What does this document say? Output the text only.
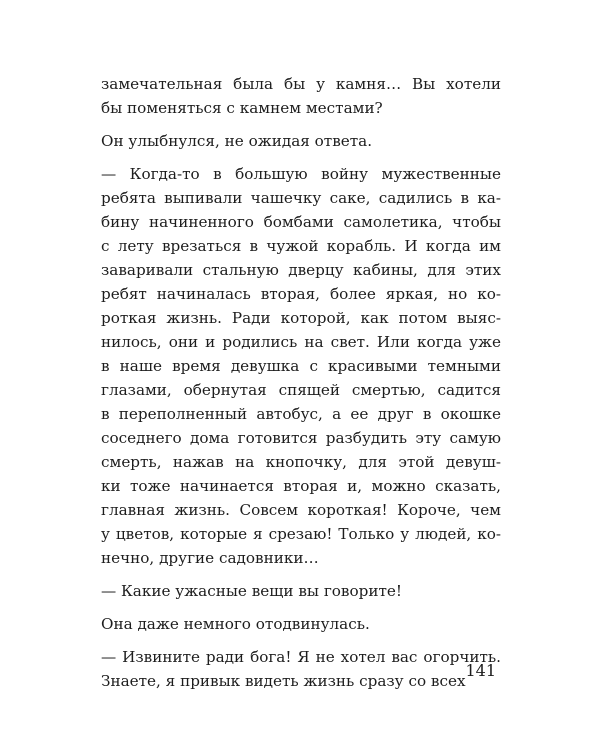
замечательная была бы у камня… Вы хотели
бы поменяться с камнем местами?
Он улыбнулся, не ожидая ответа.
— Когда-то в большую войну мужественные
ребята выпивали чашечку саке, садились в ка-
бину начиненного бомбами самолетика, чтобы
с лету врезаться в чужой корабль. И когда им
заваривали стальную дверцу кабины, для этих
ребят начиналась вторая, более яркая, но ко-
роткая жизнь. Ради которой, как потом выяс-
нилось, они и родились на свет. Или когда уже
в наше время девушка с красивыми темными
глазами, обернутая спящей смертью, садится
в переполненный автобус, а ее друг в окошке
соседнего дома готовится разбудить эту самую
смерть, нажав на кнопочку, для этой девуш-
ки тоже начинается вторая и, можно сказать,
главная жизнь. Совсем короткая! Короче, чем
у цветов, которые я срезаю! Только у людей, ко-
нечно, другие садовники…
— Какие ужасные вещи вы говорите!
Она даже немного отодвинулась.
— Извините ради бога! Я не хотел вас огорчить.
Знаете, я привык видеть жизнь сразу со всех
141
